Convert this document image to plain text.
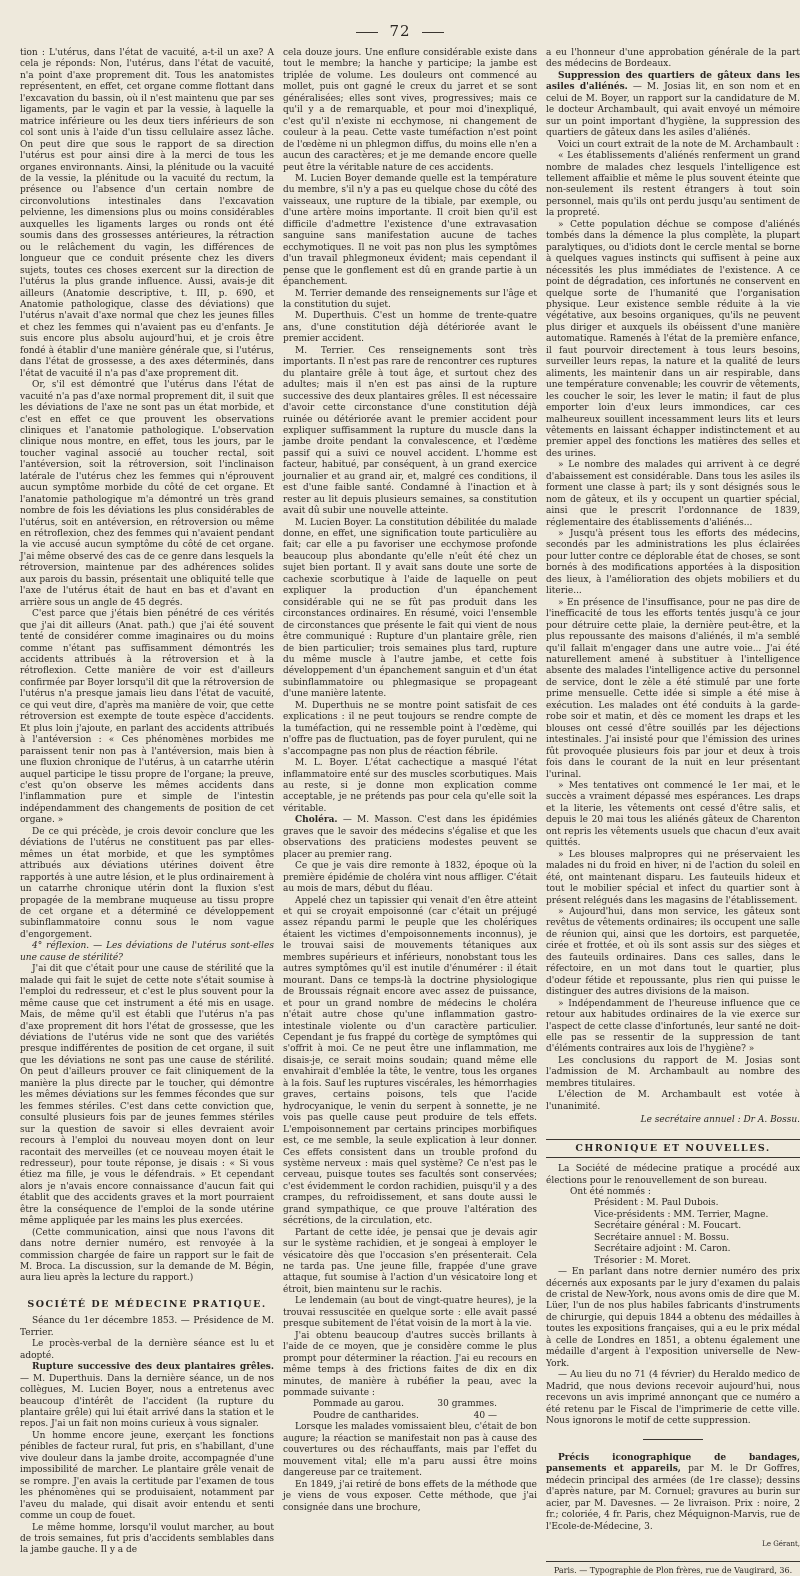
72

tion : L'utérus, dans l'état de vacuité, a-t-il un axe? A cela je réponds: Non, l'utérus, dans l'état de vacuité, n'a point d'axe proprement dit. Tous les anatomistes représentent, en effet, cet organe comme flottant dans l'excavation du bassin, où il n'est maintenu que par ses ligaments, par le vagin et par la vessie, à laquelle la matrice inférieure ou les deux tiers inférieurs de son col sont unis à l'aide d'un tissu cellulaire assez lâche. On peut dire que sous le rapport de sa direction l'utérus est pour ainsi dire à la merci de tous les organes environnants. Ainsi, la plénitude ou la vacuité de la vessie, la plénitude ou la vacuité du rectum, la présence ou l'absence d'un certain nombre de circonvolutions intestinales dans l'excavation pelvienne, les dimensions plus ou moins considérables auxquelles les ligaments larges ou ronds ont été soumis dans des grossesses antérieures, la rétraction ou le relâchement du vagin, les différences de longueur que ce conduit présente chez les divers sujets, toutes ces choses exercent sur la direction de l'utérus la plus grande influence. Aussi, avais-je dit ailleurs (Anatomie descriptive, t. III, p. 690, et Anatomie pathologique, classe des déviations) que l'utérus n'avait d'axe normal que chez les jeunes filles et chez les femmes qui n'avaient pas eu d'enfants. Je suis encore plus absolu aujourd'hui, et je crois être fondé à établir d'une manière générale que, si l'utérus, dans l'état de grossesse, a des axes déterminés, dans l'état de vacuité il n'a pas d'axe proprement dit.

Or, s'il est démontré que l'utérus dans l'état de vacuité n'a pas d'axe normal proprement dit, il suit que les déviations de l'axe ne sont pas un état morbide, et c'est en effet ce que prouvent les observations cliniques et l'anatomie pathologique. L'observation clinique nous montre, en effet, tous les jours, par le toucher vaginal associé au toucher rectal, soit l'antéversion, soit la rétroversion, soit l'inclinaison latérale de l'utérus chez les femmes qui n'éprouvent aucun symptôme morbide du côté de cet organe. Et l'anatomie pathologique m'a démontré un très grand nombre de fois les déviations les plus considérables de l'utérus, soit en antéversion, en rétroversion ou même en rétroflexion, chez des femmes qui n'avaient pendant la vie accusé aucun symptôme du côté de cet organe. J'ai même observé des cas de ce genre dans lesquels la rétroversion, maintenue par des adhérences solides aux parois du bassin, présentait une obliquité telle que l'axe de l'utérus était de haut en bas et d'avant en arrière sous un angle de 45 degrés.

C'est parce que j'étais bien pénétré de ces vérités que j'ai dit ailleurs (Anat. path.) que j'ai été souvent tenté de considérer comme imaginaires ou du moins comme n'étant pas suffisamment démontrés les accidents attribués à la rétroversion et à la rétroflexion. Cette manière de voir est d'ailleurs confirmée par Boyer lorsqu'il dit que la rétroversion de l'utérus n'a presque jamais lieu dans l'état de vacuité, ce qui veut dire, d'après ma manière de voir, que cette rétroversion est exempte de toute espèce d'accidents. Et plus loin j'ajoute, en parlant des accidents attribués à l'antéversion : « Ces phénomènes morbides me paraissent tenir non pas à l'antéversion, mais bien à une fluxion chronique de l'utérus, à un catarrhe utérin auquel participe le tissu propre de l'organe; la preuve, c'est qu'on observe les mêmes accidents dans l'inflammation pure et simple de l'intestin indépendamment des changements de position de cet organe. »

De ce qui précède, je crois devoir conclure que les déviations de l'utérus ne constituent pas par elles-mêmes un état morbide, et que les symptômes attribués aux déviations utérines doivent être rapportés à une autre lésion, et le plus ordinairement à un catarrhe chronique utérin dont la fluxion s'est propagée de la membrane muqueuse au tissu propre de cet organe et a déterminé ce développement subinflammatoire connu sous le nom vague d'engorgement.

4° réflexion. — Les déviations de l'utérus sont-elles une cause de stérilité?

J'ai dit que c'était pour une cause de stérilité que la malade qui fait le sujet de cette note s'était soumise à l'emploi du redresseur, et c'est le plus souvent pour la même cause que cet instrument a été mis en usage. Mais, de même qu'il est établi que l'utérus n'a pas d'axe proprement dit hors l'état de grossesse, que les déviations de l'utérus vide ne sont que des variétés presque indifférentes de position de cet organe, il suit que les déviations ne sont pas une cause de stérilité. On peut d'ailleurs prouver ce fait cliniquement de la manière la plus directe par le toucher, qui démontre les mêmes déviations sur les femmes fécondes que sur les femmes stériles. C'est dans cette conviction que, consulté plusieurs fois par de jeunes femmes stériles sur la question de savoir si elles devraient avoir recours à l'emploi du nouveau moyen dont on leur racontait des merveilles (et ce nouveau moyen était le redresseur), pour toute réponse, je disais : « Si vous étiez ma fille, je vous le défendrais. » Et cependant alors je n'avais encore connaissance d'aucun fait qui établit que des accidents graves et la mort pourraient être la conséquence de l'emploi de la sonde utérine même appliquée par les mains les plus exercées.

(Cette communication, ainsi que nous l'avons dit dans notre dernier numéro, est renvoyée à la commission chargée de faire un rapport sur le fait de M. Broca. La discussion, sur la demande de M. Bégin, aura lieu après la lecture du rapport.)

SOCIÉTÉ DE MÉDECINE PRATIQUE.

Séance du 1er décembre 1853. — Présidence de M. Terrier.

Le procès-verbal de la dernière séance est lu et adopté.

Rupture successive des deux plantaires grêles. — M. Duperthuis. Dans la dernière séance, un de nos collègues, M. Lucien Boyer, nous a entretenus avec beaucoup d'intérêt de l'accident (la rupture du plantaire grêle) qui lui était arrivé dans la station et le repos. J'ai un fait non moins curieux à vous signaler.

Un homme encore jeune, exerçant les fonctions pénibles de facteur rural, fut pris, en s'habillant, d'une vive douleur dans la jambe droite, accompagnée d'une impossibilité de marcher. Le plantaire grêle venait de se rompre. J'en avais la certitude par l'examen de tous les phénomènes qui se produisaient, notamment par l'aveu du malade, qui disait avoir entendu et senti comme un coup de fouet.

Le même homme, lorsqu'il voulut marcher, au bout de trois semaines, fut pris d'accidents semblables dans la jambe gauche. Il y a de

cela douze jours. Une enflure considérable existe dans tout le membre; la hanche y participe; la jambe est triplée de volume. Les douleurs ont commencé au mollet, puis ont gagné le creux du jarret et se sont généralisées; elles sont vives, progressives; mais ce qu'il y a de remarquable, et pour moi d'inexpliqué, c'est qu'il n'existe ni ecchymose, ni changement de couleur à la peau. Cette vaste tuméfaction n'est point de l'œdème ni un phlegmon diffus, du moins elle n'en a aucun des caractères; et je me demande encore quelle peut être la véritable nature de ces accidents.

M. Lucien Boyer demande quelle est la température du membre, s'il n'y a pas eu quelque chose du côté des vaisseaux, une rupture de la tibiale, par exemple, ou d'une artère moins importante. Il croit bien qu'il est difficile d'admettre l'existence d'une extravasation sanguine sans manifestation aucune de taches ecchymotiques. Il ne voit pas non plus les symptômes d'un travail phlegmoneux évident; mais cependant il pense que le gonflement est dû en grande partie à un épanchement.

M. Terrier demande des renseignements sur l'âge et la constitution du sujet.

M. Duperthuis. C'est un homme de trente-quatre ans, d'une constitution déjà détériorée avant le premier accident.

M. Terrier. Ces renseignements sont très importants. Il n'est pas rare de rencontrer ces ruptures du plantaire grêle à tout âge, et surtout chez des adultes; mais il n'en est pas ainsi de la rupture successive des deux plantaires grêles. Il est nécessaire d'avoir cette circonstance d'une constitution déjà ruinée ou détériorée avant le premier accident pour expliquer suffisamment la rupture du muscle dans la jambe droite pendant la convalescence, et l'œdème passif qui a suivi ce nouvel accident. L'homme est facteur, habitué, par conséquent, à un grand exercice journalier et au grand air, et, malgré ces conditions, il est d'une faible santé. Condamné à l'inaction et à rester au lit depuis plusieurs semaines, sa constitution avait dû subir une nouvelle atteinte.

M. Lucien Boyer. La constitution débilitée du malade donne, en effet, une signification toute particulière au fait; car elle a pu favoriser une ecchymose profonde beaucoup plus abondante qu'elle n'eût été chez un sujet bien portant. Il y avait sans doute une sorte de cachexie scorbutique à l'aide de laquelle on peut expliquer la production d'un épanchement considérable qui ne se fût pas produit dans les circonstances ordinaires. En résumé, voici l'ensemble de circonstances que présente le fait qui vient de nous être communiqué : Rupture d'un plantaire grêle, rien de bien particulier; trois semaines plus tard, rupture du même muscle à l'autre jambe, et cette fois développement d'un épanchement sanguin et d'un état subinflammatoire ou phlegmasique se propageant d'une manière latente.

M. Duperthuis ne se montre point satisfait de ces explications : il ne peut toujours se rendre compte de la tuméfaction, qui ne ressemble point à l'œdème, qui n'offre pas de fluctuation, pas de foyer purulent, qui ne s'accompagne pas non plus de réaction fébrile.

M. L. Boyer. L'état cachectique a masqué l'état inflammatoire enté sur des muscles scorbutiques. Mais au reste, si je donne mon explication comme acceptable, je ne prétends pas pour cela qu'elle soit la véritable.

Choléra. — M. Masson. C'est dans les épidémies graves que le savoir des médecins s'égalise et que les observations des praticiens modestes peuvent se placer au premier rang.

Ce que je vais dire remonte à 1832, époque où la première épidémie de choléra vint nous affliger. C'était au mois de mars, début du fléau.

Appelé chez un tapissier qui venait d'en être atteint et qui se croyait empoisonné (car c'était un préjugé assez répandu parmi le peuple que les cholériques étaient les victimes d'empoisonnements inconnus), je le trouvai saisi de mouvements tétaniques aux membres supérieurs et inférieurs, nonobstant tous les autres symptômes qu'il est inutile d'énumérer : il était mourant. Dans ce temps-là la doctrine physiologique de Broussais régnait encore avec assez de puissance, et pour un grand nombre de médecins le choléra n'était autre chose qu'une inflammation gastro-intestinale violente ou d'un caractère particulier. Cependant je fus frappé du cortège de symptômes qui s'offrit à moi. Ce ne peut être une inflammation, me disais-je, ce serait moins soudain; quand même elle envahirait d'emblée la tête, le ventre, tous les organes à la fois. Sauf les ruptures viscérales, les hémorrhagies graves, certains poisons, tels que l'acide hydrocyanique, le venin du serpent à sonnette, je ne vois pas quelle cause peut produire de tels effets. L'empoisonnement par certains principes morbifiques est, ce me semble, la seule explication à leur donner. Ces effets consistent dans un trouble profond du système nerveux : mais quel système? Ce n'est pas le cerveau, puisque toutes ses facultés sont conservées; c'est évidemment le cordon rachidien, puisqu'il y a des crampes, du refroidissement, et sans doute aussi le grand sympathique, ce que prouve l'altération des sécrétions, de la circulation, etc.

Partant de cette idée, je pensai que je devais agir sur le système rachidien, et je songeai à employer le vésicatoire dès que l'occasion s'en présenterait. Cela ne tarda pas. Une jeune fille, frappée d'une grave attaque, fut soumise à l'action d'un vésicatoire long et étroit, bien maintenu sur le rachis.

Le lendemain (au bout de vingt-quatre heures), je la trouvai ressuscitée en quelque sorte : elle avait passé presque subitement de l'état voisin de la mort à la vie.

J'ai obtenu beaucoup d'autres succès brillants à l'aide de ce moyen, que je considère comme le plus prompt pour déterminer la réaction. J'ai eu recours en même temps à des frictions faites de dix en dix minutes, de manière à rubéfier la peau, avec la pommade suivante :

Pommade au garou.	30 grammes.
Poudre de cantharides.	40 —

Lorsque les malades vomissaient bleu, c'était de bon augure; la réaction se manifestait non pas à cause des couvertures ou des réchauffants, mais par l'effet du mouvement vital; elle m'a paru aussi être moins dangereuse par ce traitement.

En 1849, j'ai retiré de bons effets de la méthode que je viens de vous exposer. Cette méthode, que j'ai consignée dans une brochure,

a eu l'honneur d'une approbation générale de la part des médecins de Bordeaux.

Suppression des quartiers de gâteux dans les asiles d'aliénés. — M. Josias lit, en son nom et en celui de M. Boyer, un rapport sur la candidature de M. le docteur Archambault, qui avait envoyé un mémoire sur un point important d'hygiène, la suppression des quartiers de gâteux dans les asiles d'aliénés.

Voici un court extrait de la note de M. Archambault :

« Les établissements d'aliénés renferment un grand nombre de malades chez lesquels l'intelligence est tellement affaiblie et même le plus souvent éteinte que non-seulement ils restent étrangers à tout soin personnel, mais qu'ils ont perdu jusqu'au sentiment de la propreté.

» Cette population déchue se compose d'aliénés tombés dans la démence la plus complète, la plupart paralytiques, ou d'idiots dont le cercle mental se borne à quelques vagues instincts qui suffisent à peine aux nécessités les plus immédiates de l'existence. A ce point de dégradation, ces infortunés ne conservent en quelque sorte de l'humanité que l'organisation physique. Leur existence semble réduite à la vie végétative, aux besoins organiques, qu'ils ne peuvent plus diriger et auxquels ils obéissent d'une manière automatique. Ramenés à l'état de la première enfance, il faut pourvoir directement à tous leurs besoins, surveiller leurs repas, la nature et la qualité de leurs aliments, les maintenir dans un air respirable, dans une température convenable; les couvrir de vêtements, les coucher le soir, les lever le matin; il faut de plus emporter loin d'eux leurs immondices, car ces malheureux souillent incessamment leurs lits et leurs vêtements en laissant échapper indistinctement et au premier appel des fonctions les matières des selles et des urines.

» Le nombre des malades qui arrivent à ce degré d'abaissement est considérable. Dans tous les asiles ils forment une classe à part; ils y sont désignés sous le nom de gâteux, et ils y occupent un quartier spécial, ainsi que le prescrit l'ordonnance de 1839, réglementaire des établissements d'aliénés...

» Jusqu'à présent tous les efforts des médecins, secondés par les administrations les plus éclairées pour lutter contre ce déplorable état de choses, se sont bornés à des modifications apportées à la disposition des lieux, à l'amélioration des objets mobiliers et du literie...

» En présence de l'insuffisance, pour ne pas dire de l'inefficacité de tous les efforts tentés jusqu'à ce jour pour détruire cette plaie, la dernière peut-être, et la plus repoussante des maisons d'aliénés, il m'a semblé qu'il fallait m'engager dans une autre voie... J'ai été naturellement amené à substituer à l'intelligence absente des malades l'intelligence active du personnel de service, dont le zèle a été stimulé par une forte prime mensuelle. Cette idée si simple a été mise à exécution. Les malades ont été conduits à la garde-robe soir et matin, et dès ce moment les draps et les blouses ont cessé d'être souillés par les déjections intestinales. J'ai insisté pour que l'émission des urines fût provoquée plusieurs fois par jour et deux à trois fois dans le courant de la nuit en leur présentant l'urinal.

» Mes tentatives ont commencé le 1er mai, et le succès a vraiment dépassé mes espérances. Les draps et la literie, les vêtements ont cessé d'être salis, et depuis le 20 mai tous les aliénés gâteux de Charenton ont repris les vêtements usuels que chacun d'eux avait quittés.

» Les blouses malpropres qui ne préservaient les malades ni du froid en hiver, ni de l'action du soleil en été, ont maintenant disparu. Les fauteuils hideux et tout le mobilier spécial et infect du quartier sont à présent relégués dans les magasins de l'établissement.

» Aujourd'hui, dans mon service, les gâteux sont revêtus de vêtements ordinaires; ils occupent une salle de réunion qui, ainsi que les dortoirs, est parquetée, cirée et frottée, et où ils sont assis sur des sièges et des fauteuils ordinaires. Dans ces salles, dans le réfectoire, en un mot dans tout le quartier, plus d'odeur fétide et repoussante, plus rien qui puisse le distinguer des autres divisions de la maison.

» Indépendamment de l'heureuse influence que ce retour aux habitudes ordinaires de la vie exerce sur l'aspect de cette classe d'infortunés, leur santé ne doit-elle pas se ressentir de la suppression de tant d'éléments contraires aux lois de l'hygiène? »

Les conclusions du rapport de M. Josias sont l'admission de M. Archambault au nombre des membres titulaires.

L'élection de M. Archambault est votée à l'unanimité.

Le secrétaire annuel : Dr A. Bossu.
CHRONIQUE ET NOUVELLES.

La Société de médecine pratique a procédé aux élections pour le renouvellement de son bureau.

Ont été nommés :

Président : M. Paul Dubois.
Vice-présidents : MM. Terrier, Magne.
Secrétaire général : M. Foucart.
Secrétaire annuel : M. Bossu.
Secrétaire adjoint : M. Caron.
Trésorier : M. Moret.

— En parlant dans notre dernier numéro des prix décernés aux exposants par le jury d'examen du palais de cristal de New-York, nous avons omis de dire que M. Lüer, l'un de nos plus habiles fabricants d'instruments de chirurgie, qui depuis 1844 a obtenu des médailles à toutes les expositions françaises, qui a eu le prix médal à celle de Londres en 1851, a obtenu également une médaille d'argent à l'exposition universelle de New-York.

— Au lieu du no 71 (4 février) du Heraldo medico de Madrid, que nous devions recevoir aujourd'hui, nous recevons un avis imprimé annonçant que ce numéro a été retenu par le Fiscal de l'imprimerie de cette ville. Nous ignorons le motif de cette suppression.

Précis iconographique de bandages, pansements et appareils, par M. le Dr Goffres, médecin principal des armées (de 1re classe); dessins d'après nature, par M. Cornuel; gravures au burin sur acier, par M. Davesnes. — 2e livraison. Prix : noire, 2 fr.; coloriée, 4 fr. Paris, chez Méquignon-Marvis, rue de l'Ecole-de-Médecine, 3.

Le Gérant,
Paris. — Typographie de Plon frères, rue de Vaugirard, 36.
